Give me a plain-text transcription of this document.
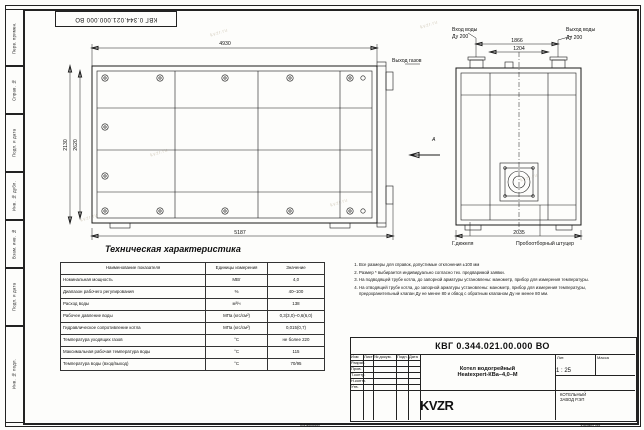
Перв. примен.
Справ. №
Подп. и дата
Инв. № дубл.
Взам. инв. №
Подп. и дата
Инв. № подл.
КВГ 0.344.021.000.000 ВО
kvzr.ru
kvzr.ru
kvzr.ru
kvzr.ru
kvzr.ru
kvzr.ru
4930
5187
2130 2620	А
Вход воды
Ду 200
Выход воды
Ду 200
Выход газов
Г.дюкеля	Пробоотборный штуцер
1866
1204
2035
Техническая характеристика
Наименование показателя	Единицы измерения	Значение
Номинальная мощность	МВт	4,0
Диапазон рабочего регулирования	%	40–100
Расход воды	м³/ч	138
Рабочее давление воды	МПа (кгс/см²)	0,3(3,0)–0,6(6,0)
Гидравлическое сопротивление котла	МПа (кгс/см²)	0,015(0,7)
Температура уходящих газов	°С	не более 220
Максимальная рабочая температура воды	°С	115
Температура воды (вход/выход)	°С	70/95
1. Все размеры для справок, допустимые отклонения ±100 мм
2. Размер * выбирается индивидуально согласно тех. предваримой заявки.
3. На подводящей трубе котла, до запорной арматуры установлены: манометр, прибор для измерения температуры.
4. На отводящей трубе котла, до запорной арматуры установлены: манометр, прибор для измерения температуры, предохранительный клапан Ду не менее 80 и обвод с обратным клапаном Ду не менее 80 мм.
КВГ 0.344.021.00.000 ВО
Изм Лист № докум. Подп. Дата
Разраб.
Пров.
Т.контр.
Н.контр.
Утв.
Котел водогрейный
Heatexpert-КВа–4,0–М
Лит.	Масса
1 : 25
KVZR
КОТЕЛЬНЫЙ
ЗАВОД Р.ЭП
Копировал	Формат А3
